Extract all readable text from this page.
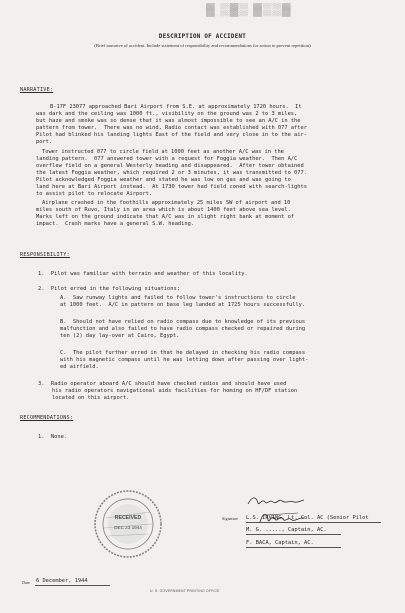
▓ ▒▓▒ ▓▒▒▓
DESCRIPTION OF ACCIDENT
(Brief narrative of accident. Include statement of responsibility and recommendations for action to prevent repetition)
NARRATIVE:
B-17F 23077 approached Bari Airport from S.E. at approximately 1720 hours.  It
was dark and the ceiling was 1000 ft., visibility on the ground was 2 to 3 miles,
but haze and smoke was so dense that it was almost impossible to see an A/C in the
pattern from tower.  There was no wind, Radio contact was established with 077 after
Pilot had blinked his landing lights East of the field and very close in to the air-
port.
Tower instructed 077 to circle field at 1000 feet as another A/C was in the
landing pattern.  077 answered tower with a request for Foggia weather.  Then A/C
overflew field on a general Westerly heading and disappeared.  After tower obtained
the latest Foggia weather, which required 2 or 3 minutes, it was transmitted to 077.
Pilot acknowledged Foggia weather and stated he was low on gas and was going to
land here at Bari Airport instead.  At 1730 tower had field coned with search-lights
to assist pilot to relocate Airport.
Airplane crashed in the foothills approximately 25 miles SW of airport and 10
miles south of Ruvo, Italy in an area which is about 1400 feet above sea level.
Marks left on the ground indicate that A/C was in slight right bank at moment of
impact.  Crash marks have a general S.W. heading.
RESPONSIBILITY:
1.  Pilot was familiar with terrain and weather of this locality.
2.  Pilot erred in the following situations;
A.  Saw runway lights and failed to follow tower's instructions to circle
at 1000 feet.  A/C in pattern on base leg landed at 1725 hours successfully.
B.  Should not have relied on radio compass due to knowledge of its previous
malfunction and also failed to have radio compass checked or repaired during
ten (2) day lay-over at Cairo, Egypt.
C.  The pilot further erred in that he delayed in checking his radio compass
with his magnetic compass until he was letting down after passing over light-
ed airfield.
3.  Radio operator aboard A/C should have checked radios and should have used
his radio operators navigational aids facilities for homing on HF/DF station
located on this airport.
RECOMMENDATIONS:
1.  None.
RECEIVED
DEC 23 1944
Signature L.S. IRVING, Lt. Col. AC (Senior Pilot
M. G. ....., Captain, AC.
F. BACA, Captain, AC.
Date 6 December, 1944
U. S. GOVERNMENT PRINTING OFFICE
